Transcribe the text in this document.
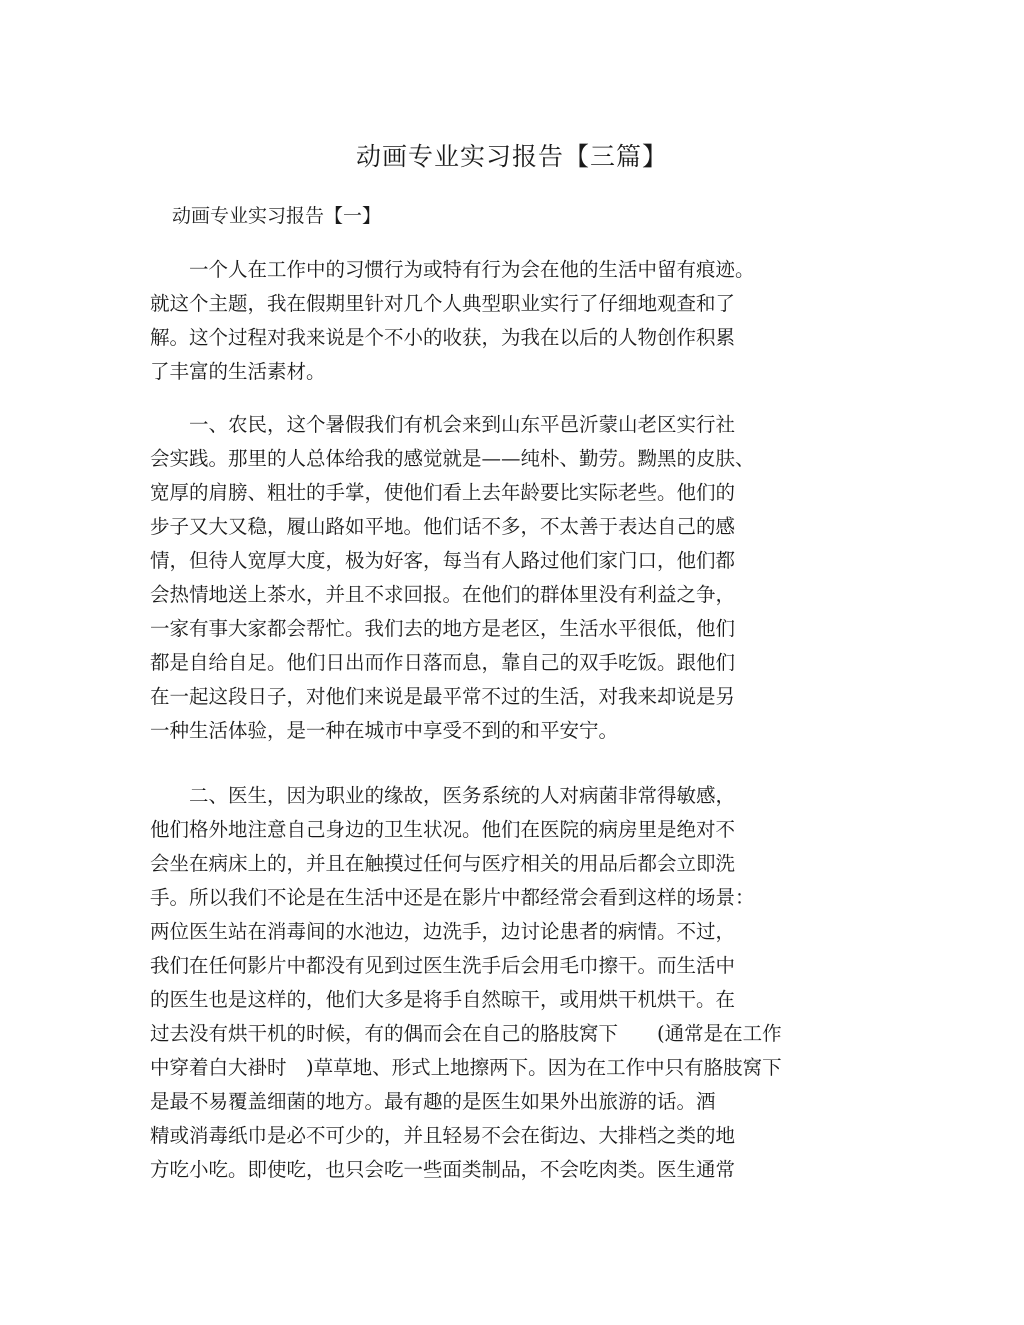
动画专业实习报告【三篇】
动画专业实习报告【一】
　　一个人在工作中的习惯行为或特有行为会在他的生活中留有痕迹。
就这个主题，我在假期里针对几个人典型职业实行了仔细地观查和了
解。这个过程对我来说是个不小的收获，为我在以后的人物创作积累
了丰富的生活素材。
　　一、农民，这个暑假我们有机会来到山东平邑沂蒙山老区实行社
会实践。那里的人总体给我的感觉就是——纯朴、勤劳。黝黑的皮肤、
宽厚的肩膀、粗壮的手掌，使他们看上去年龄要比实际老些。他们的
步子又大又稳，履山路如平地。他们话不多，不太善于表达自己的感
情，但待人宽厚大度，极为好客，每当有人路过他们家门口，他们都
会热情地送上茶水，并且不求回报。在他们的群体里没有利益之争，
一家有事大家都会帮忙。我们去的地方是老区，生活水平很低，他们
都是自给自足。他们日出而作日落而息，靠自己的双手吃饭。跟他们
在一起这段日子，对他们来说是最平常不过的生活，对我来却说是另
一种生活体验，是一种在城市中享受不到的和平安宁。
　　二、医生，因为职业的缘故，医务系统的人对病菌非常得敏感，
他们格外地注意自己身边的卫生状况。他们在医院的病房里是绝对不
会坐在病床上的，并且在触摸过任何与医疗相关的用品后都会立即洗
手。所以我们不论是在生活中还是在影片中都经常会看到这样的场景：
两位医生站在消毒间的水池边，边洗手，边讨论患者的病情。不过，
我们在任何影片中都没有见到过医生洗手后会用毛巾擦干。而生活中
的医生也是这样的，他们大多是将手自然晾干，或用烘干机烘干。在
过去没有烘干机的时候，有的偶而会在自己的胳肢窝下　　(通常是在工作
中穿着白大褂时　)草草地、形式上地擦两下。因为在工作中只有胳肢窝下
是最不易覆盖细菌的地方。最有趣的是医生如果外出旅游的话。酒
精或消毒纸巾是必不可少的，并且轻易不会在街边、大排档之类的地
方吃小吃。即使吃，也只会吃一些面类制品，不会吃肉类。医生通常
